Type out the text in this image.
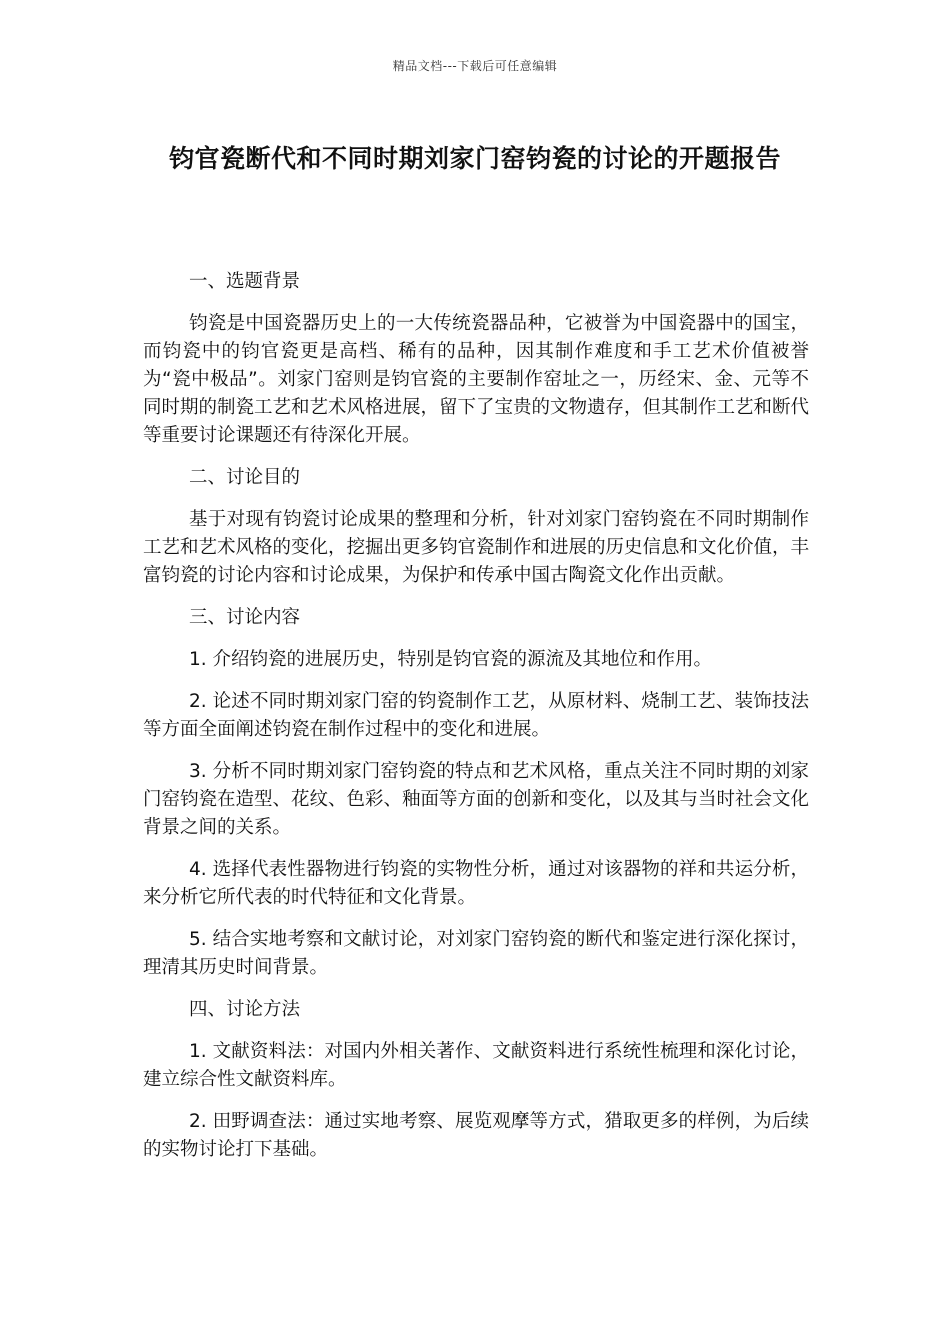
精品文档---下载后可任意编辑
钧官瓷断代和不同时期刘家门窑钧瓷的讨论的开题报告

一、选题背景

钧瓷是中国瓷器历史上的一大传统瓷器品种，它被誉为中国瓷器中的国宝，而钧瓷中的钧官瓷更是高档、稀有的品种，因其制作难度和手工艺术价值被誉为“瓷中极品”。刘家门窑则是钧官瓷的主要制作窑址之一，历经宋、金、元等不同时期的制瓷工艺和艺术风格进展，留下了宝贵的文物遗存，但其制作工艺和断代等重要讨论课题还有待深化开展。

二、讨论目的

基于对现有钧瓷讨论成果的整理和分析，针对刘家门窑钧瓷在不同时期制作工艺和艺术风格的变化，挖掘出更多钧官瓷制作和进展的历史信息和文化价值，丰富钧瓷的讨论内容和讨论成果，为保护和传承中国古陶瓷文化作出贡献。

三、讨论内容

1. 介绍钧瓷的进展历史，特别是钧官瓷的源流及其地位和作用。

2. 论述不同时期刘家门窑的钧瓷制作工艺，从原材料、烧制工艺、装饰技法等方面全面阐述钧瓷在制作过程中的变化和进展。

3. 分析不同时期刘家门窑钧瓷的特点和艺术风格，重点关注不同时期的刘家门窑钧瓷在造型、花纹、色彩、釉面等方面的创新和变化，以及其与当时社会文化背景之间的关系。

4. 选择代表性器物进行钧瓷的实物性分析，通过对该器物的祥和共运分析，来分析它所代表的时代特征和文化背景。

5. 结合实地考察和文献讨论，对刘家门窑钧瓷的断代和鉴定进行深化探讨，理清其历史时间背景。

四、讨论方法

1. 文献资料法：对国内外相关著作、文献资料进行系统性梳理和深化讨论，建立综合性文献资料库。

2. 田野调查法：通过实地考察、展览观摩等方式，猎取更多的样例，为后续的实物讨论打下基础。
